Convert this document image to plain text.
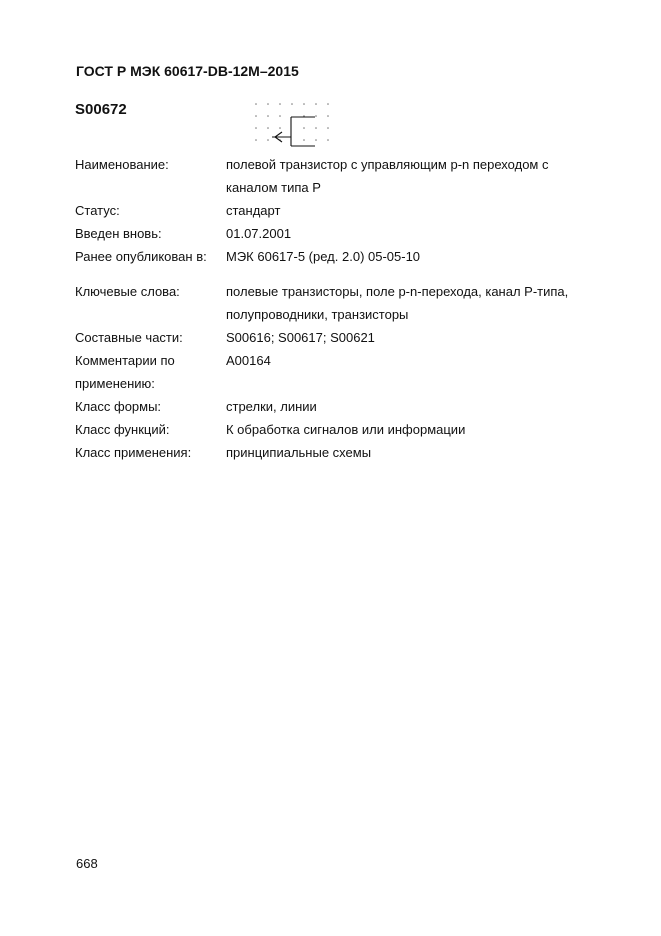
ГОСТ Р МЭК 60617-DB-12M–2015
S00672
Наименование:	полевой транзистор с управляющим p-n переходом с
каналом типа Р
Статус:	стандарт
Введен вновь:	01.07.2001
Ранее опубликован в:	МЭК 60617-5 (ред. 2.0) 05-05-10
Ключевые слова:	полевые транзисторы, поле p-n-перехода, канал Р-типа,
полупроводники, транзисторы
Составные части:	S00616; S00617; S00621
Комментарии по
применению:
A00164
Класс формы:	стрелки, линии
Класс функций:	К обработка сигналов или информации
Класс применения:	принципиальные схемы
668
